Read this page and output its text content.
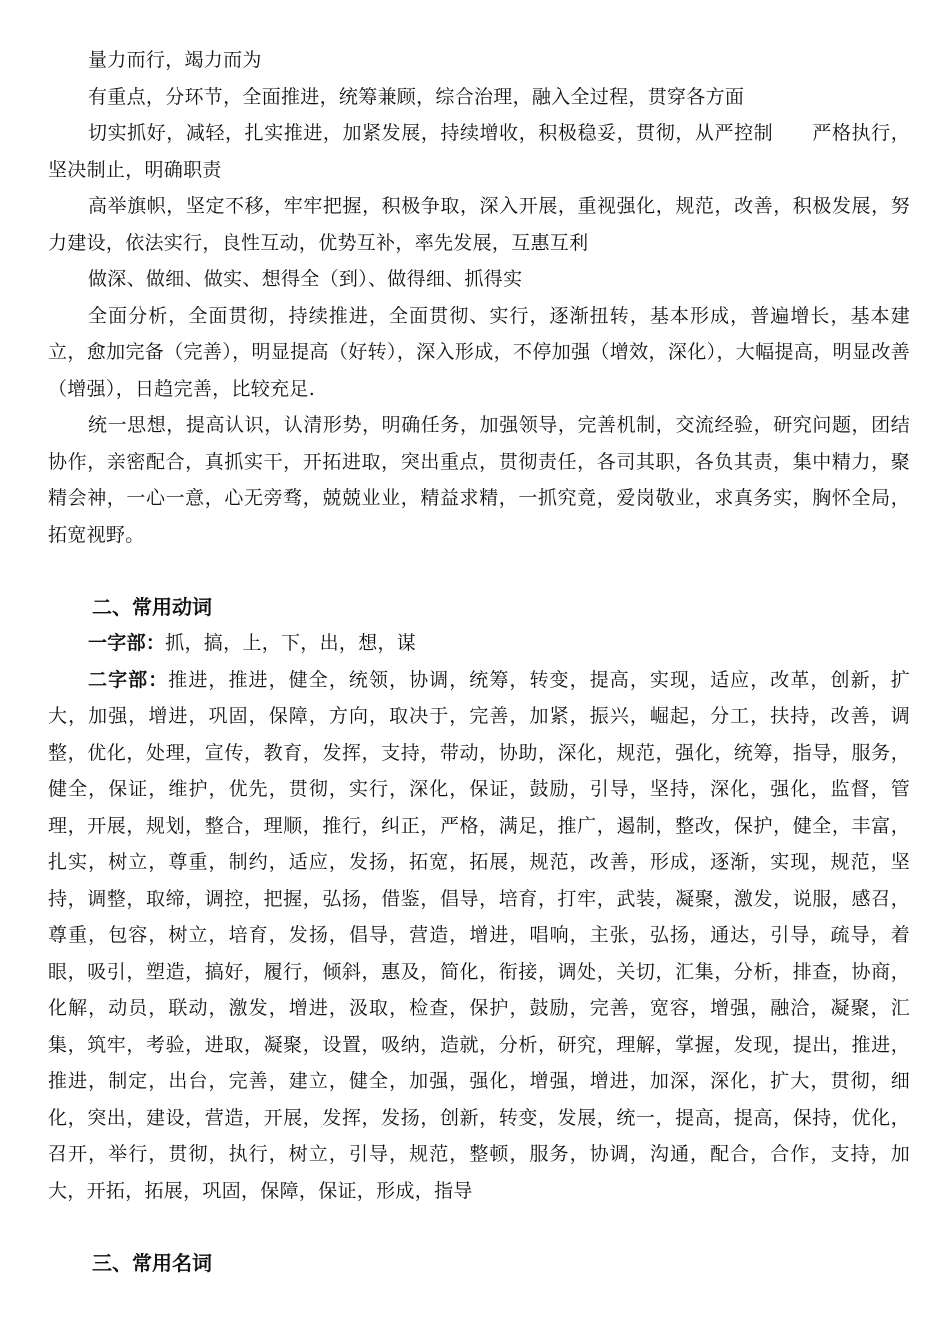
量力而行，竭力而为

有重点，分环节，全面推进，统筹兼顾，综合治理，融入全过程，贯穿各方面

切实抓好，减轻，扎实推进，加紧发展，持续增收，积极稳妥，贯彻，从严控制　　严格执行，坚决制止，明确职责

高举旗帜，坚定不移，牢牢把握，积极争取，深入开展，重视强化，规范，改善，积极发展，努力建设，依法实行，良性互动，优势互补，率先发展，互惠互利

做深、做细、做实、想得全（到）、做得细、抓得实

全面分析，全面贯彻，持续推进，全面贯彻、实行，逐渐扭转，基本形成，普遍增长，基本建立，愈加完备（完善），明显提高（好转），深入形成，不停加强（增效，深化），大幅提高，明显改善（增强），日趋完善，比较充足.

统一思想，提高认识，认清形势，明确任务，加强领导，完善机制，交流经验，研究问题，团结协作，亲密配合，真抓实干，开拓进取，突出重点，贯彻责任，各司其职，各负其责，集中精力，聚精会神，一心一意，心无旁骛，兢兢业业，精益求精，一抓究竟，爱岗敬业，求真务实，胸怀全局，拓宽视野。

二、常用动词

一字部：抓，搞，上，下，出，想，谋

二字部：推进，推进，健全，统领，协调，统筹，转变，提高，实现，适应，改革，创新，扩大，加强，增进，巩固，保障，方向，取决于，完善，加紧，振兴，崛起，分工，扶持，改善，调整，优化，处理，宣传，教育，发挥，支持，带动，协助，深化，规范，强化，统筹，指导，服务，健全，保证，维护，优先，贯彻，实行，深化，保证，鼓励，引导，坚持，深化，强化，监督，管理，开展，规划，整合，理顺，推行，纠正，严格，满足，推广，遏制，整改，保护，健全，丰富，扎实，树立，尊重，制约，适应，发扬，拓宽，拓展，规范，改善，形成，逐渐，实现，规范，坚持，调整，取缔，调控，把握，弘扬，借鉴，倡导，培育，打牢，武装，凝聚，激发，说服，感召，尊重，包容，树立，培育，发扬，倡导，营造，增进，唱响，主张，弘扬，通达，引导，疏导，着眼，吸引，塑造，搞好，履行，倾斜，惠及，简化，衔接，调处，关切，汇集，分析，排查，协商，化解，动员，联动，激发，增进，汲取，检查，保护，鼓励，完善，宽容，增强，融洽，凝聚，汇集，筑牢，考验，进取，凝聚，设置，吸纳，造就，分析，研究，理解，掌握，发现，提出，推进，推进，制定，出台，完善，建立，健全，加强，强化，增强，增进，加深，深化，扩大，贯彻，细化，突出，建设，营造，开展，发挥，发扬，创新，转变，发展，统一，提高，提高，保持，优化，召开，举行，贯彻，执行，树立，引导，规范，整顿，服务，协调，沟通，配合，合作，支持，加大，开拓，拓展，巩固，保障，保证，形成，指导

三、常用名词
